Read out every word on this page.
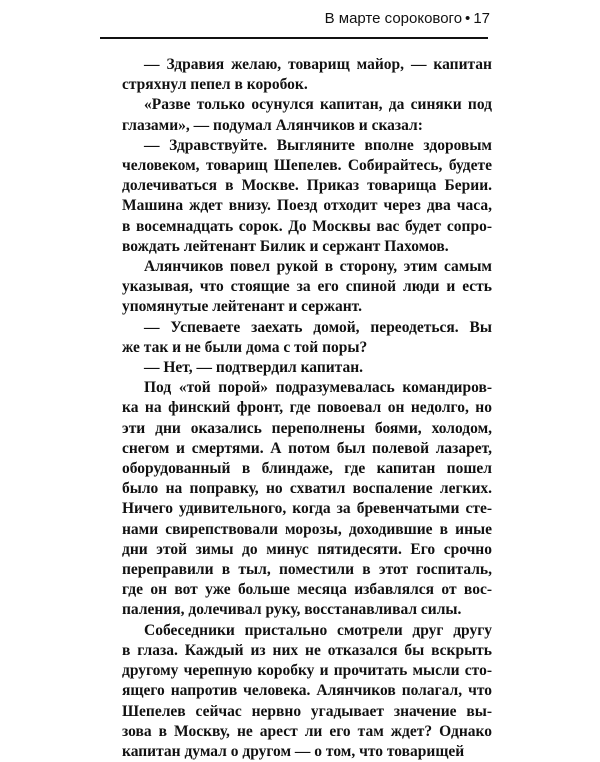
В марте сорокового • 17
— Здравия желаю, товарищ майор, — капитан
стряхнул пепел в коробок.
«Разве только осунулся капитан, да синяки под
глазами», — подумал Алянчиков и сказал:
— Здравствуйте. Выгляните вполне здоровым
человеком, товарищ Шепелев. Собирайтесь, будете
долечиваться в Москве. Приказ товарища Берии.
Машина ждет внизу. Поезд отходит через два часа,
в восемнадцать сорок. До Москвы вас будет сопро-
вождать лейтенант Билик и сержант Пахомов.
Алянчиков повел рукой в сторону, этим самым
указывая, что стоящие за его спиной люди и есть
упомянутые лейтенант и сержант.
— Успеваете заехать домой, переодеться. Вы
же так и не были дома с той поры?
— Нет, — подтвердил капитан.
Под «той порой» подразумевалась командиров-
ка на финский фронт, где повоевал он недолго, но
эти дни оказались переполнены боями, холодом,
снегом и смертями. А потом был полевой лазарет,
оборудованный в блиндаже, где капитан пошел
было на поправку, но схватил воспаление легких.
Ничего удивительного, когда за бревенчатыми сте-
нами свирепствовали морозы, доходившие в иные
дни этой зимы до минус пятидесяти. Его срочно
переправили в тыл, поместили в этот госпиталь,
где он вот уже больше месяца избавлялся от вос-
паления, долечивал руку, восстанавливал силы.
Собеседники пристально смотрели друг другу
в глаза. Каждый из них не отказался бы вскрыть
другому черепную коробку и прочитать мысли сто-
ящего напротив человека. Алянчиков полагал, что
Шепелев сейчас нервно угадывает значение вы-
зова в Москву, не арест ли его там ждет? Однако
капитан думал о другом — о том, что товарищей
